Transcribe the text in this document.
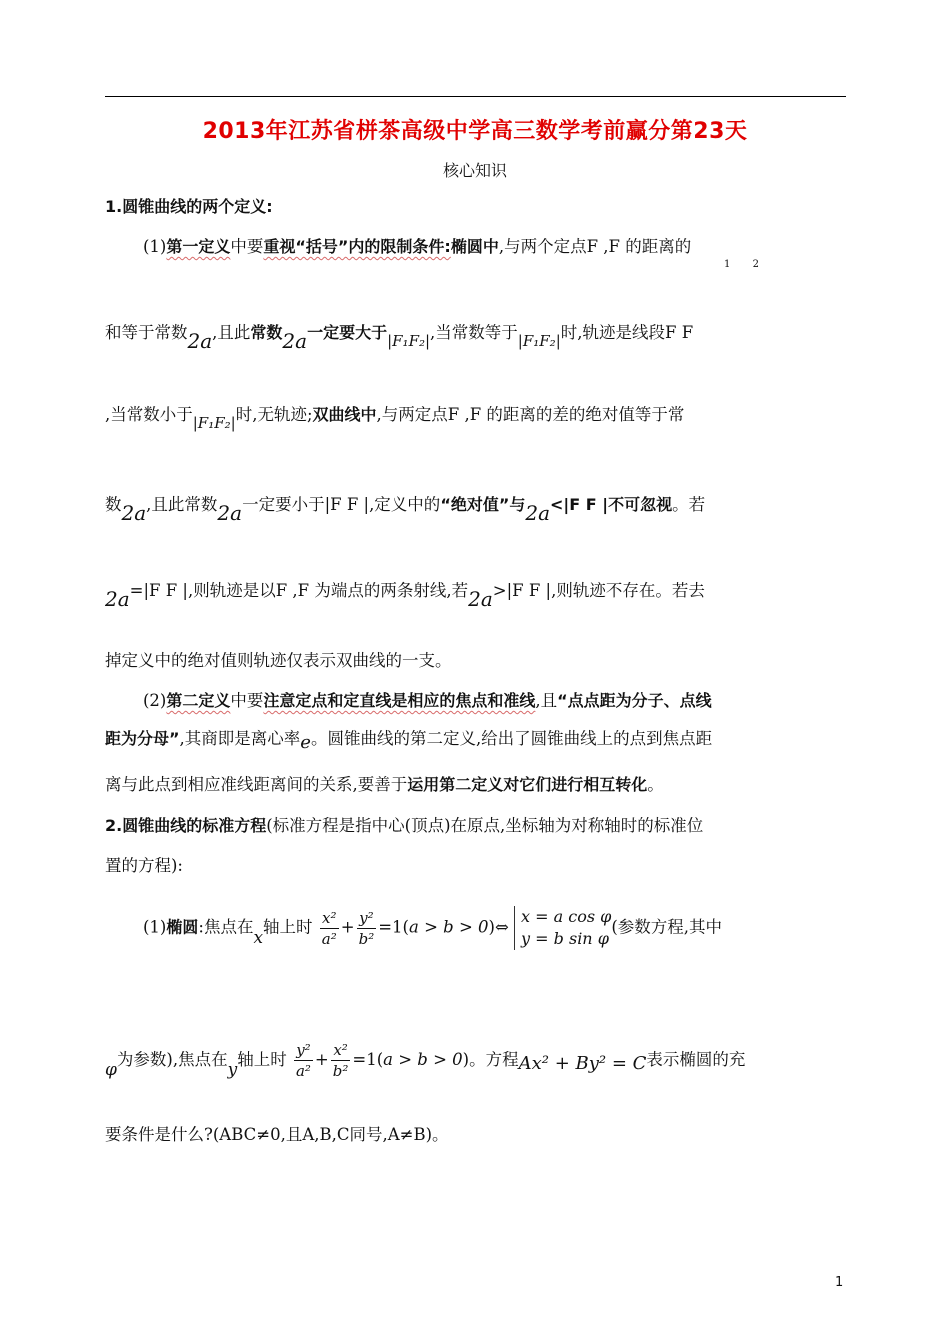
2013年江苏省栟茶高级中学高三数学考前赢分第23天
核心知识
1.圆锥曲线的两个定义:
(1)第一定义中要重视“括号”内的限制条件:椭圆中,与两个定点F ,F 的距离的
1 2
和等于常数2a,且此常数2a一定要大于|F₁F₂|,当常数等于|F₁F₂|时,轨迹是线段F F
,当常数小于|F₁F₂|时,无轨迹;双曲线中,与两定点F ,F 的距离的差的绝对值等于常
数2a,且此常数2a一定要小于|F F |,定义中的“绝对值”与2a<|F F |不可忽视。若
2a=|F F |,则轨迹是以F ,F 为端点的两条射线,若2a>|F F |,则轨迹不存在。若去
掉定义中的绝对值则轨迹仅表示双曲线的一支。
(2)第二定义中要注意定点和定直线是相应的焦点和准线,且“点点距为分子、点线
距为分母”,其商即是离心率e。圆锥曲线的第二定义,给出了圆锥曲线上的点到焦点距
离与此点到相应准线距离间的关系,要善于运用第二定义对它们进行相互转化。
2.圆锥曲线的标准方程(标准方程是指中心(顶点)在原点,坐标轴为对称轴时的标准位
置的方程):
(1)椭圆:焦点在x轴上时 $\frac{\text{x²}}{\text{a²}} + \frac{\text{y²}}{\text{b²}} =1(a > b$ > 0)⇔
x = a cos φ
y = b sin φ
(参数方程,其中
φ为参数),焦点在y轴上时 $\frac{\text{y²}}{\text{a²}} + \frac{\text{x²}}{\text{b²}} =1(a > b > 0)$。方程Ax² + By² = C表示椭圆的充
要条件是什么?(ABC≠0,且A,B,C同号,A≠B)。
1
